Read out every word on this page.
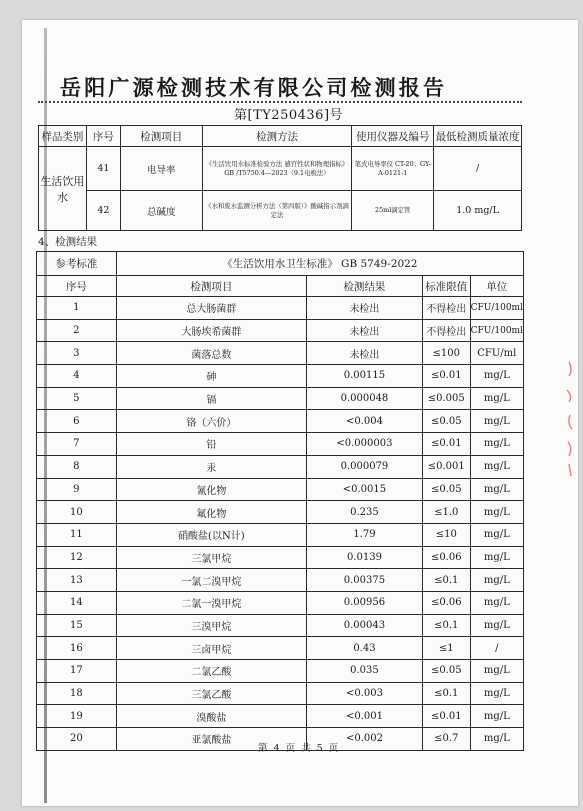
岳阳广源检测技术有限公司检测报告
第[TY250436]号
样品类别	序号	检测项目	检测方法	使用仪器及编号	最低检测质量浓度
生活饮用水	41	电导率	《生活饮用水标准检验方法 感官性状和物理指标》GB /T5750.4—2023（9.1电极法）	笔式电导率仪 CT-20；GY-A-0121-1	/
	42	总碱度	《水和废水监测分析方法（第四版）》酸碱指示剂滴定法	25ml滴定管	1.0 mg/L
4、检测结果
参考标准	《生活饮用水卫生标准》 GB 5749-2022			
序号	检测项目	检测结果	标准限值	单位
1	总大肠菌群	未检出	不得检出	CFU/100ml
2	大肠埃希菌群	未检出	不得检出	CFU/100ml
3	菌落总数	未检出	≤100	CFU/ml
4	砷	0.00115	≤0.01	mg/L
5	镉	0.000048	≤0.005	mg/L
6	铬（六价）	<0.004	≤0.05	mg/L
7	铅	<0.000003	≤0.01	mg/L
8	汞	0.000079	≤0.001	mg/L
9	氰化物	<0.0015	≤0.05	mg/L
10	氟化物	0.235	≤1.0	mg/L
11	硝酸盐(以N计)	1.79	≤10	mg/L
12	三氯甲烷	0.0139	≤0.06	mg/L
13	一氯二溴甲烷	0.00375	≤0.1	mg/L
14	二氯一溴甲烷	0.00956	≤0.06	mg/L
15	三溴甲烷	0.00043	≤0.1	mg/L
16	三卤甲烷	0.43	≤1	/
17	二氯乙酸	0.035	≤0.05	mg/L
18	三氯乙酸	<0.003	≤0.1	mg/L
19	溴酸盐	<0.001	≤0.01	mg/L
20	亚氯酸盐	<0.002	≤0.7	mg/L
第 4 页 共 5 页
